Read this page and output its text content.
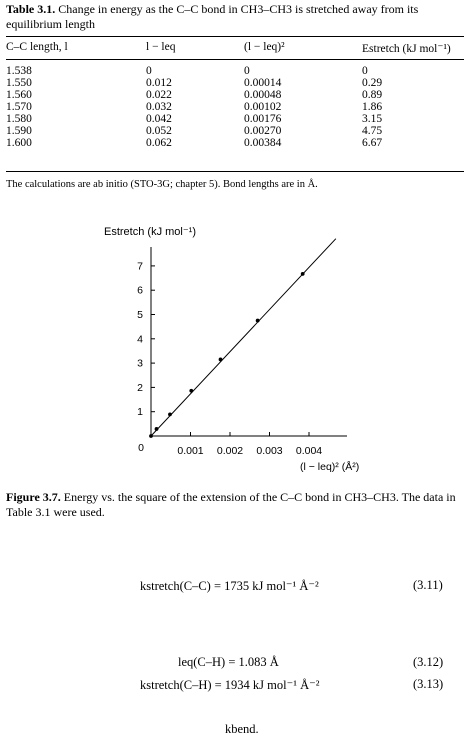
Table 3.1. Change in energy as the C–C bond in CH3–CH3 is stretched away from its equilibrium length
C–C length, l	l − leq	(l − leq)²	Estretch (kJ mol⁻¹)
1.538	0	0	0
1.550	0.012	0.00014	0.29
1.560	0.022	0.00048	0.89
1.570	0.032	0.00102	1.86
1.580	0.042	0.00176	3.15
1.590	0.052	0.00270	4.75
1.600	0.062	0.00384	6.67
The calculations are ab initio (STO-3G; chapter 5). Bond lengths are in Å.
Estretch (kJ mol⁻¹)
0	0.001 0.002 0.003 0.004
1
2
3
4
5
6
7
(l − leq)² (Å²)
Figure 3.7. Energy vs. the square of the extension of the C–C bond in CH3–CH3. The data in Table 3.1 were used.
kstretch(C–C) = 1735 kJ mol⁻¹ Å⁻²	(3.11)
leq(C–H) = 1.083 Å	(3.12)
kstretch(C–H) = 1934 kJ mol⁻¹ Å⁻²	(3.13)
kbend.
